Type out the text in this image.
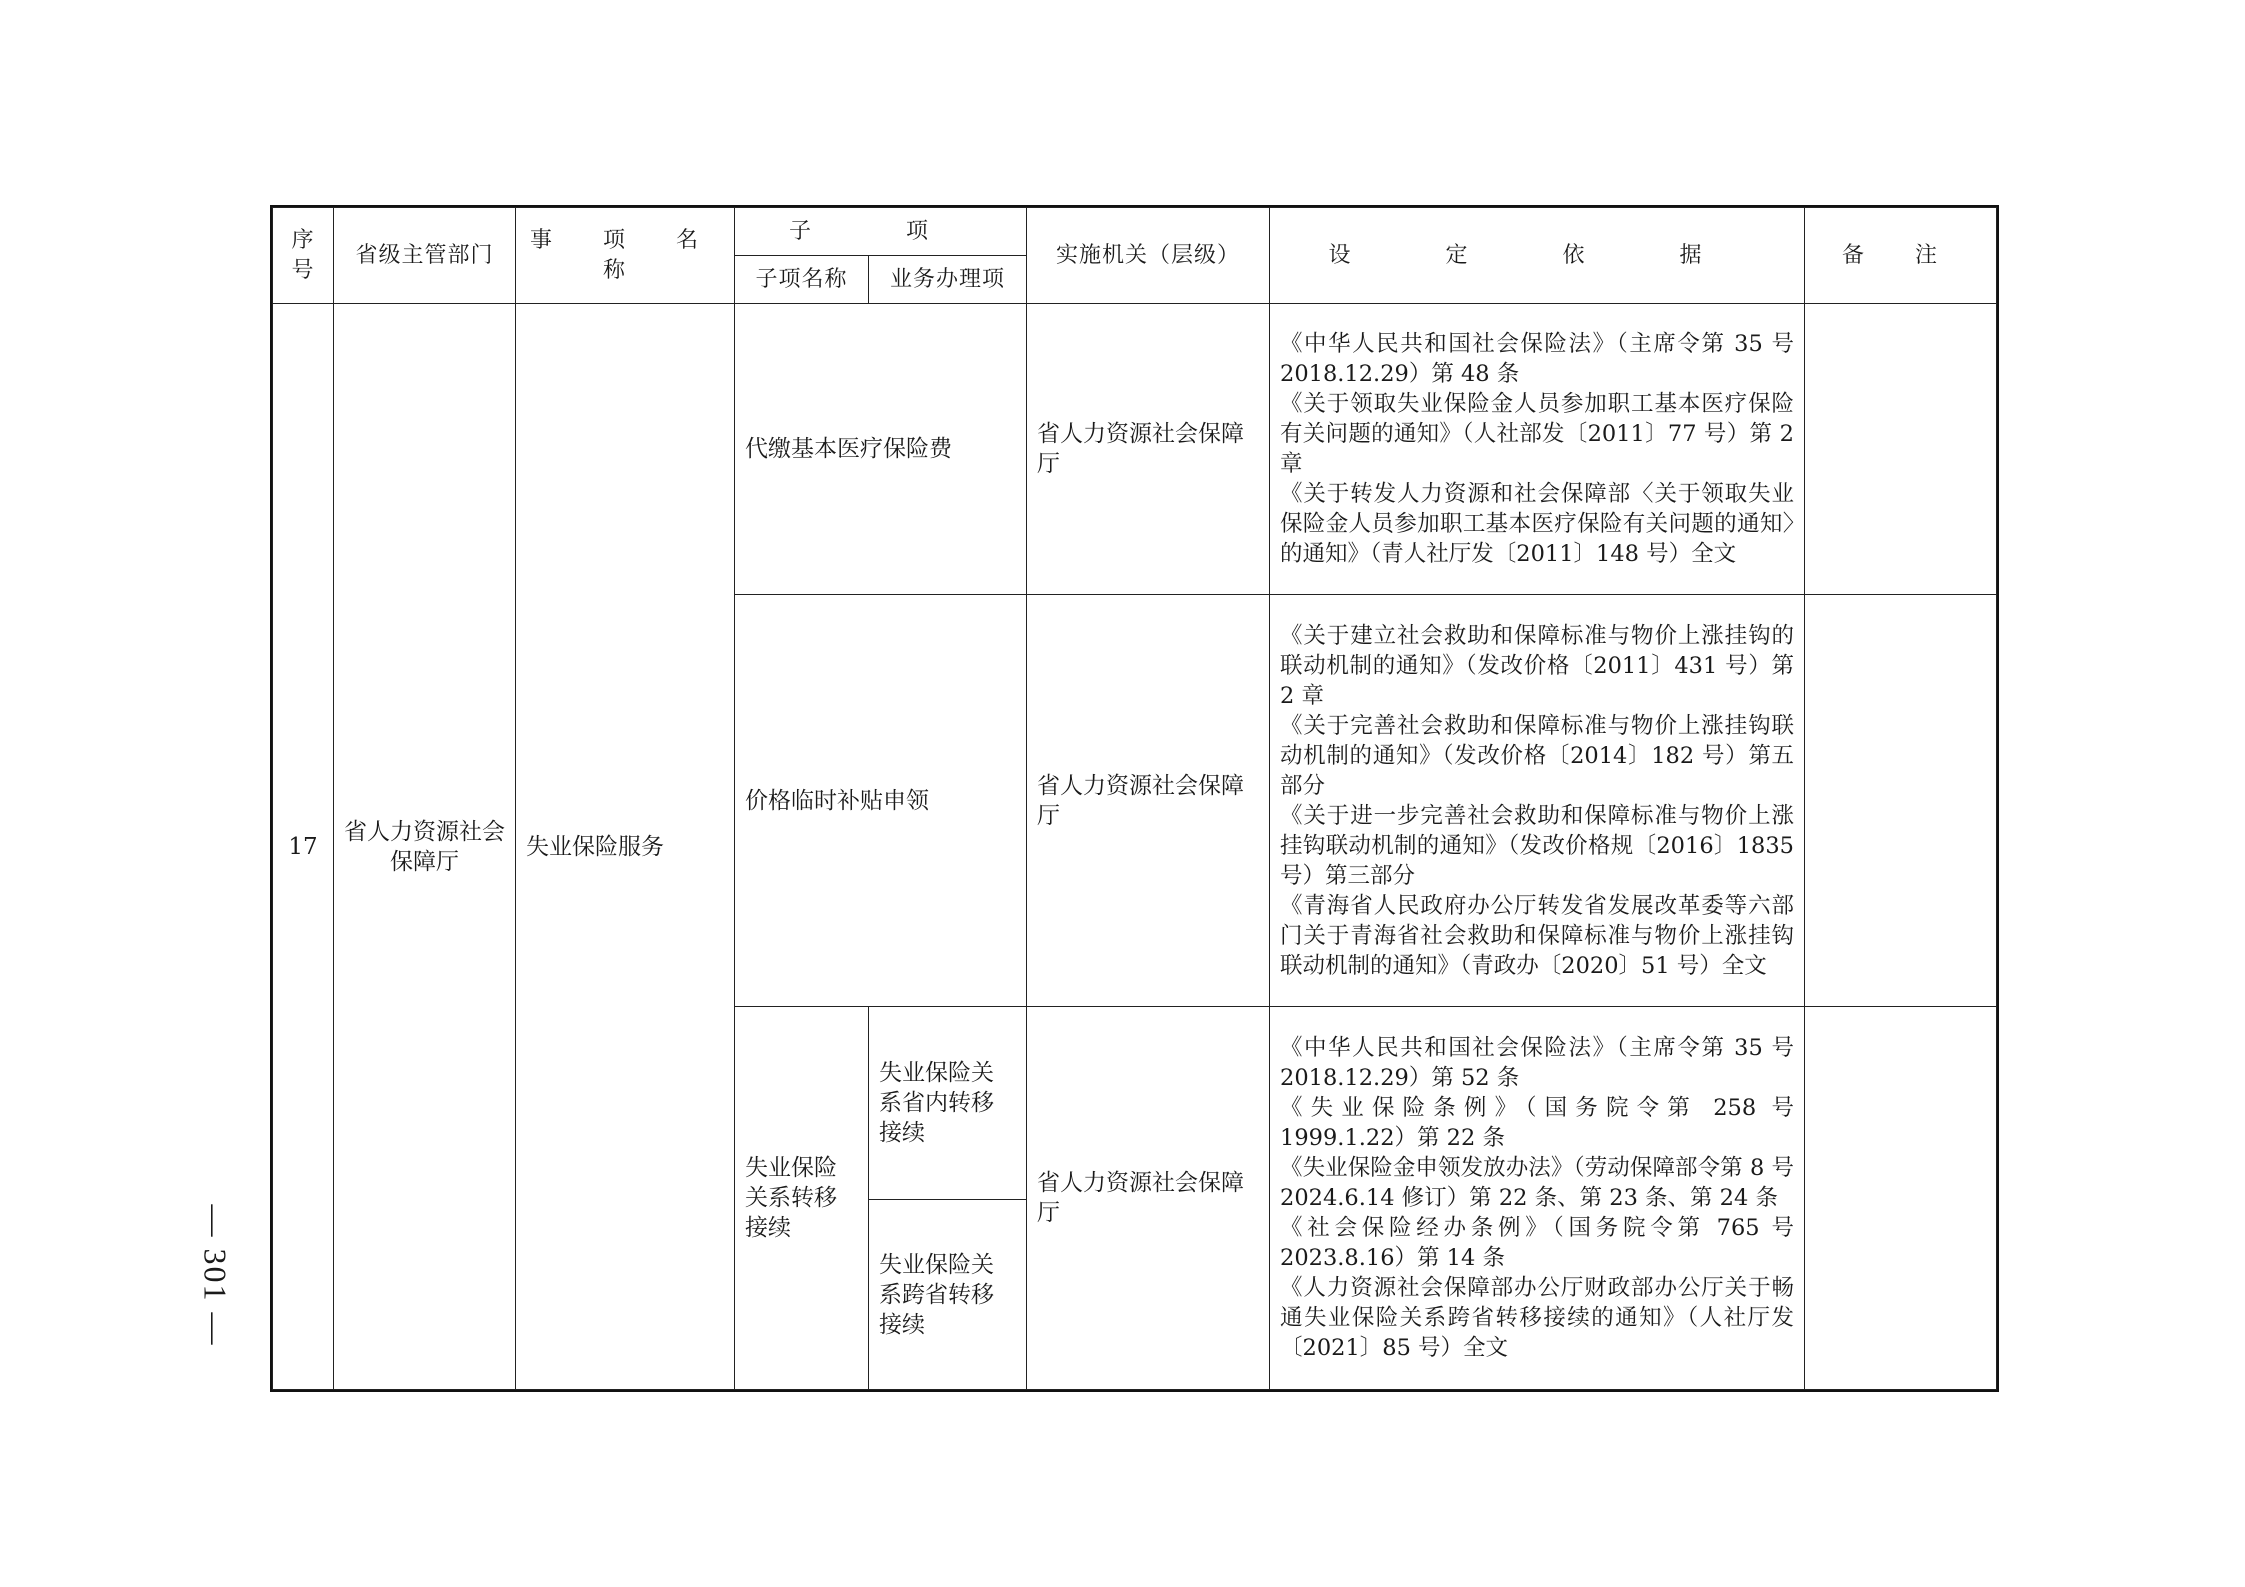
序号	省级主管部门	事 项 名 称	子 项		实施机关（层级）	设 定 依 据	备 注
			子项名称	业务办理项			
17	省人力资源社会保障厅	失业保险服务	代缴基本医疗保险费		省人力资源社会保障厅	《中华人民共和国社会保险法》（主席令第 35 号 2018.12.29）第 48 条
《关于领取失业保险金人员参加职工基本医疗保险有关问题的通知》（人社部发〔2011〕77 号）第 2 章
《关于转发人力资源和社会保障部〈关于领取失业保险金人员参加职工基本医疗保险有关问题的通知〉的通知》（青人社厅发〔2011〕148 号）全文	

			价格临时补贴申领		省人力资源社会保障厅	《关于建立社会救助和保障标准与物价上涨挂钩的联动机制的通知》（发改价格〔2011〕431 号）第 2 章
《关于完善社会救助和保障标准与物价上涨挂钩联动机制的通知》（发改价格〔2014〕182 号）第五部分
《关于进一步完善社会救助和保障标准与物价上涨挂钩联动机制的通知》（发改价格规〔2016〕1835 号）第三部分
《青海省人民政府办公厅转发省发展改革委等六部门关于青海省社会救助和保障标准与物价上涨挂钩联动机制的通知》（青政办〔2020〕51 号）全文	

			失业保险关系转移接续	失业保险关系省内转移接续	省人力资源社会保障厅	《中华人民共和国社会保险法》（主席令第 35 号 2018.12.29）第 52 条
《失业保险条例》（国务院令第 258 号 1999.1.22）第 22 条
《失业保险金申领发放办法》（劳动保障部令第 8 号 2024.6.14 修订）第 22 条、第 23 条、第 24 条
《社会保险经办条例》（国务院令第 765 号 2023.8.16）第 14 条
《人力资源社会保障部办公厅财政部办公厅关于畅通失业保险关系跨省转移接续的通知》（人社厅发〔2021〕85 号）全文	

				失业保险关系跨省转移接续			
— 301 —
